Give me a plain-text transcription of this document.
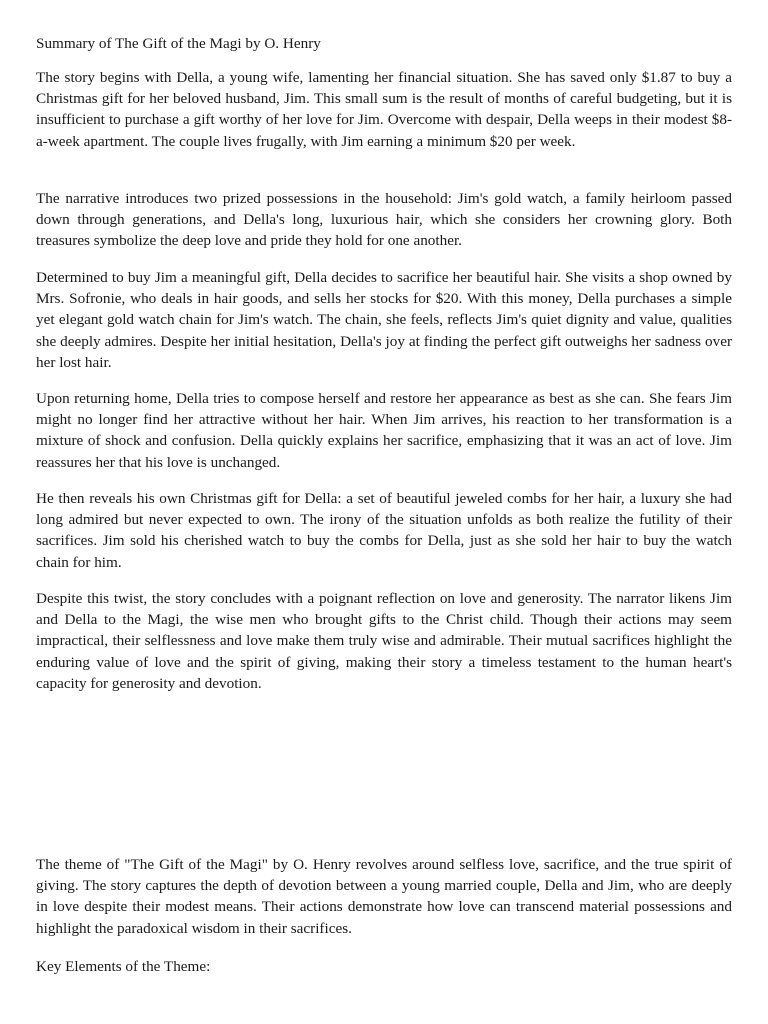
Summary of The Gift of the Magi by O. Henry

The story begins with Della, a young wife, lamenting her financial situation. She has saved only $1.87 to buy a Christmas gift for her beloved husband, Jim. This small sum is the result of months of careful budgeting, but it is insufficient to purchase a gift worthy of her love for Jim. Overcome with despair, Della weeps in their modest $8-a-week apartment. The couple lives frugally, with Jim earning a minimum $20 per week.

The narrative introduces two prized possessions in the household: Jim's gold watch, a family heirloom passed down through generations, and Della's long, luxurious hair, which she considers her crowning glory. Both treasures symbolize the deep love and pride they hold for one another.

Determined to buy Jim a meaningful gift, Della decides to sacrifice her beautiful hair. She visits a shop owned by Mrs. Sofronie, who deals in hair goods, and sells her stocks for $20. With this money, Della purchases a simple yet elegant gold watch chain for Jim's watch. The chain, she feels, reflects Jim's quiet dignity and value, qualities she deeply admires. Despite her initial hesitation, Della's joy at finding the perfect gift outweighs her sadness over her lost hair.

Upon returning home, Della tries to compose herself and restore her appearance as best as she can. She fears Jim might no longer find her attractive without her hair. When Jim arrives, his reaction to her transformation is a mixture of shock and confusion. Della quickly explains her sacrifice, emphasizing that it was an act of love. Jim reassures her that his love is unchanged.

He then reveals his own Christmas gift for Della: a set of beautiful jeweled combs for her hair, a luxury she had long admired but never expected to own. The irony of the situation unfolds as both realize the futility of their sacrifices. Jim sold his cherished watch to buy the combs for Della, just as she sold her hair to buy the watch chain for him.

Despite this twist, the story concludes with a poignant reflection on love and generosity. The narrator likens Jim and Della to the Magi, the wise men who brought gifts to the Christ child. Though their actions may seem impractical, their selflessness and love make them truly wise and admirable. Their mutual sacrifices highlight the enduring value of love and the spirit of giving, making their story a timeless testament to the human heart's capacity for generosity and devotion.

The theme of "The Gift of the Magi" by O. Henry revolves around selfless love, sacrifice, and the true spirit of giving. The story captures the depth of devotion between a young married couple, Della and Jim, who are deeply in love despite their modest means. Their actions demonstrate how love can transcend material possessions and highlight the paradoxical wisdom in their sacrifices.

Key Elements of the Theme:
